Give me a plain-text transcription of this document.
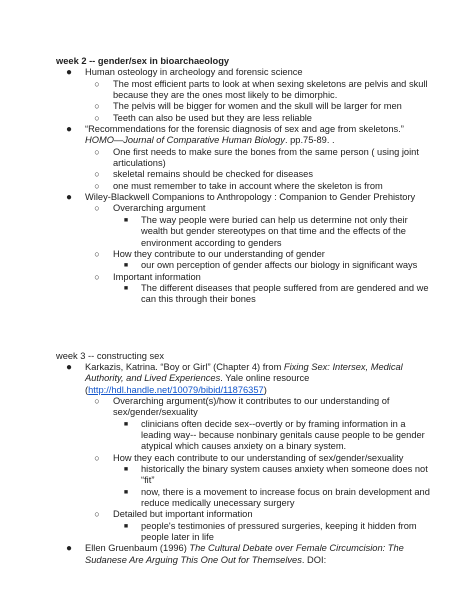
week 2 -- gender/sex in bioarchaeology

●	Human osteology in archeology and forensic science
○	The most efficient parts to look at when sexing skeletons are pelvis and skull because they are the ones most likely to be dimorphic.
○	The pelvis will be bigger for women and the skull will be larger for men
○	Teeth can also be used but they are less reliable
●	“Recommendations for the forensic diagnosis of sex and age from skeletons.” HOMO—Journal of Comparative Human Biology. pp.75-89. .
○	One first needs to make sure the bones from the same person ( using joint articulations)
○	skeletal remains should be checked for diseases
○	one must remember to take in account where the skeleton is from
●	Wiley-Blackwell Companions to Anthropology : Companion to Gender Prehistory
○	Overarching argument
■	The way people were buried can help us determine not only their wealth but gender stereotypes on that time and the effects of the environment according to genders
○	How they contribute to our understanding of gender
■	our own perception of gender affects our biology in significant ways
○	Important information
■	The different diseases that people suffered from are gendered and we can this through their bones

week 3 -- constructing sex

●	Karkazis, Katrina. “Boy or Girl” (Chapter 4) from Fixing Sex: Intersex, Medical Authority, and Lived Experiences. Yale online resource (http://hdl.handle.net/10079/bibid/11876357)
○	Overarching argument(s)/how it contributes to our understanding of sex/gender/sexuality
■	clinicians often decide sex--overtly or by framing information in a leading way-- because nonbinary genitals cause people to be gender atypical which causes anxiety on a binary system.
○	How they each contribute to our understanding of sex/gender/sexuality
■	historically the binary system causes anxiety when someone does not “fit”
■	now, there is a movement to increase focus on brain development and reduce medically unecessary surgery
○	Detailed but important information
■	people's testimonies of pressured surgeries, keeping it hidden from people later in life
●	Ellen Gruenbaum (1996) The Cultural Debate over Female Circumcision: The Sudanese Are Arguing This One Out for Themselves. DOI:
